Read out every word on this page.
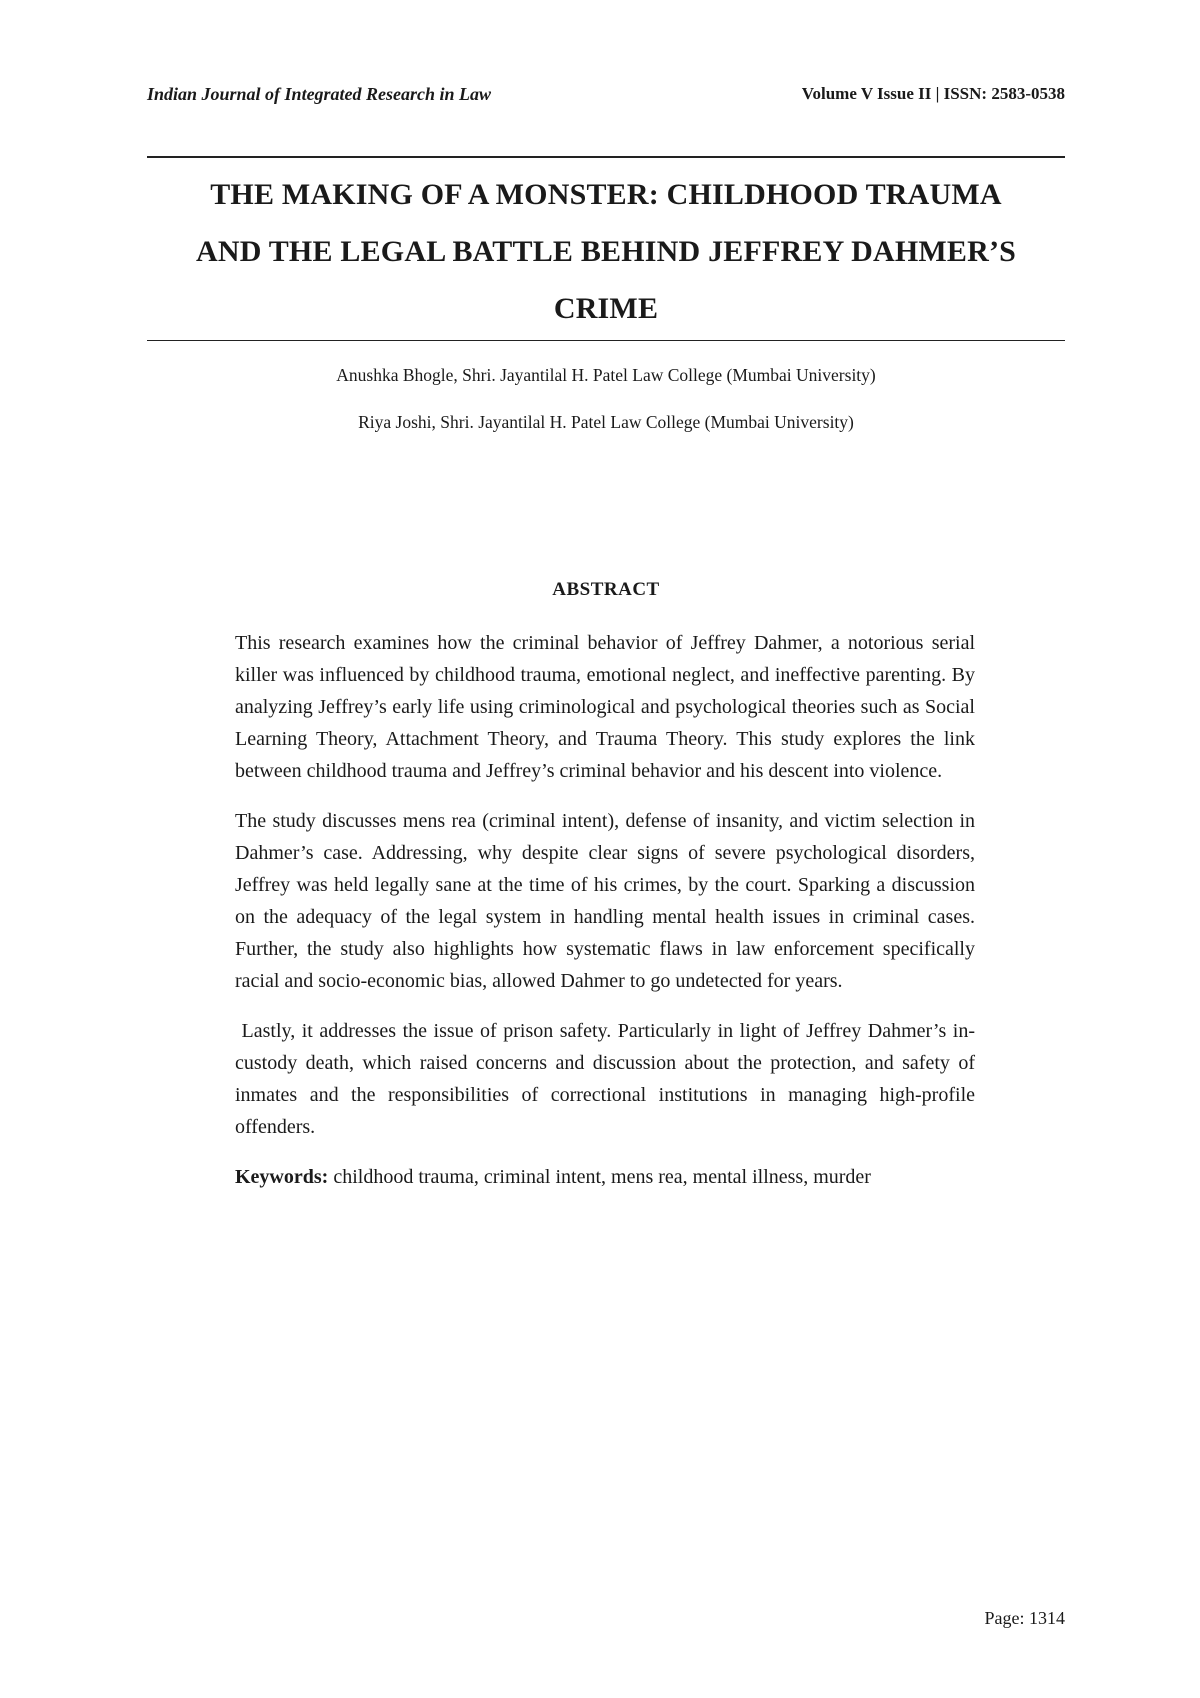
Indian Journal of Integrated Research in Law	Volume V Issue II | ISSN: 2583-0538
THE MAKING OF A MONSTER: CHILDHOOD TRAUMA
AND THE LEGAL BATTLE BEHIND JEFFREY DAHMER’S
CRIME
Anushka Bhogle, Shri. Jayantilal H. Patel Law College (Mumbai University)
Riya Joshi, Shri. Jayantilal H. Patel Law College (Mumbai University)
ABSTRACT

This research examines how the criminal behavior of Jeffrey Dahmer, a notorious serial killer was influenced by childhood trauma, emotional neglect, and ineffective parenting. By analyzing Jeffrey’s early life using criminological and psychological theories such as Social Learning Theory, Attachment Theory, and Trauma Theory. This study explores the link between childhood trauma and Jeffrey’s criminal behavior and his descent into violence.

The study discusses mens rea (criminal intent), defense of insanity, and victim selection in Dahmer’s case. Addressing, why despite clear signs of severe psychological disorders, Jeffrey was held legally sane at the time of his crimes, by the court. Sparking a discussion on the adequacy of the legal system in handling mental health issues in criminal cases. Further, the study also highlights how systematic flaws in law enforcement specifically racial and socio-economic bias, allowed Dahmer to go undetected for years.

Lastly, it addresses the issue of prison safety. Particularly in light of Jeffrey Dahmer’s in-custody death, which raised concerns and discussion about the protection, and safety of inmates and the responsibilities of correctional institutions in managing high-profile offenders.

Keywords: childhood trauma, criminal intent, mens rea, mental illness, murder

Page: 1314
